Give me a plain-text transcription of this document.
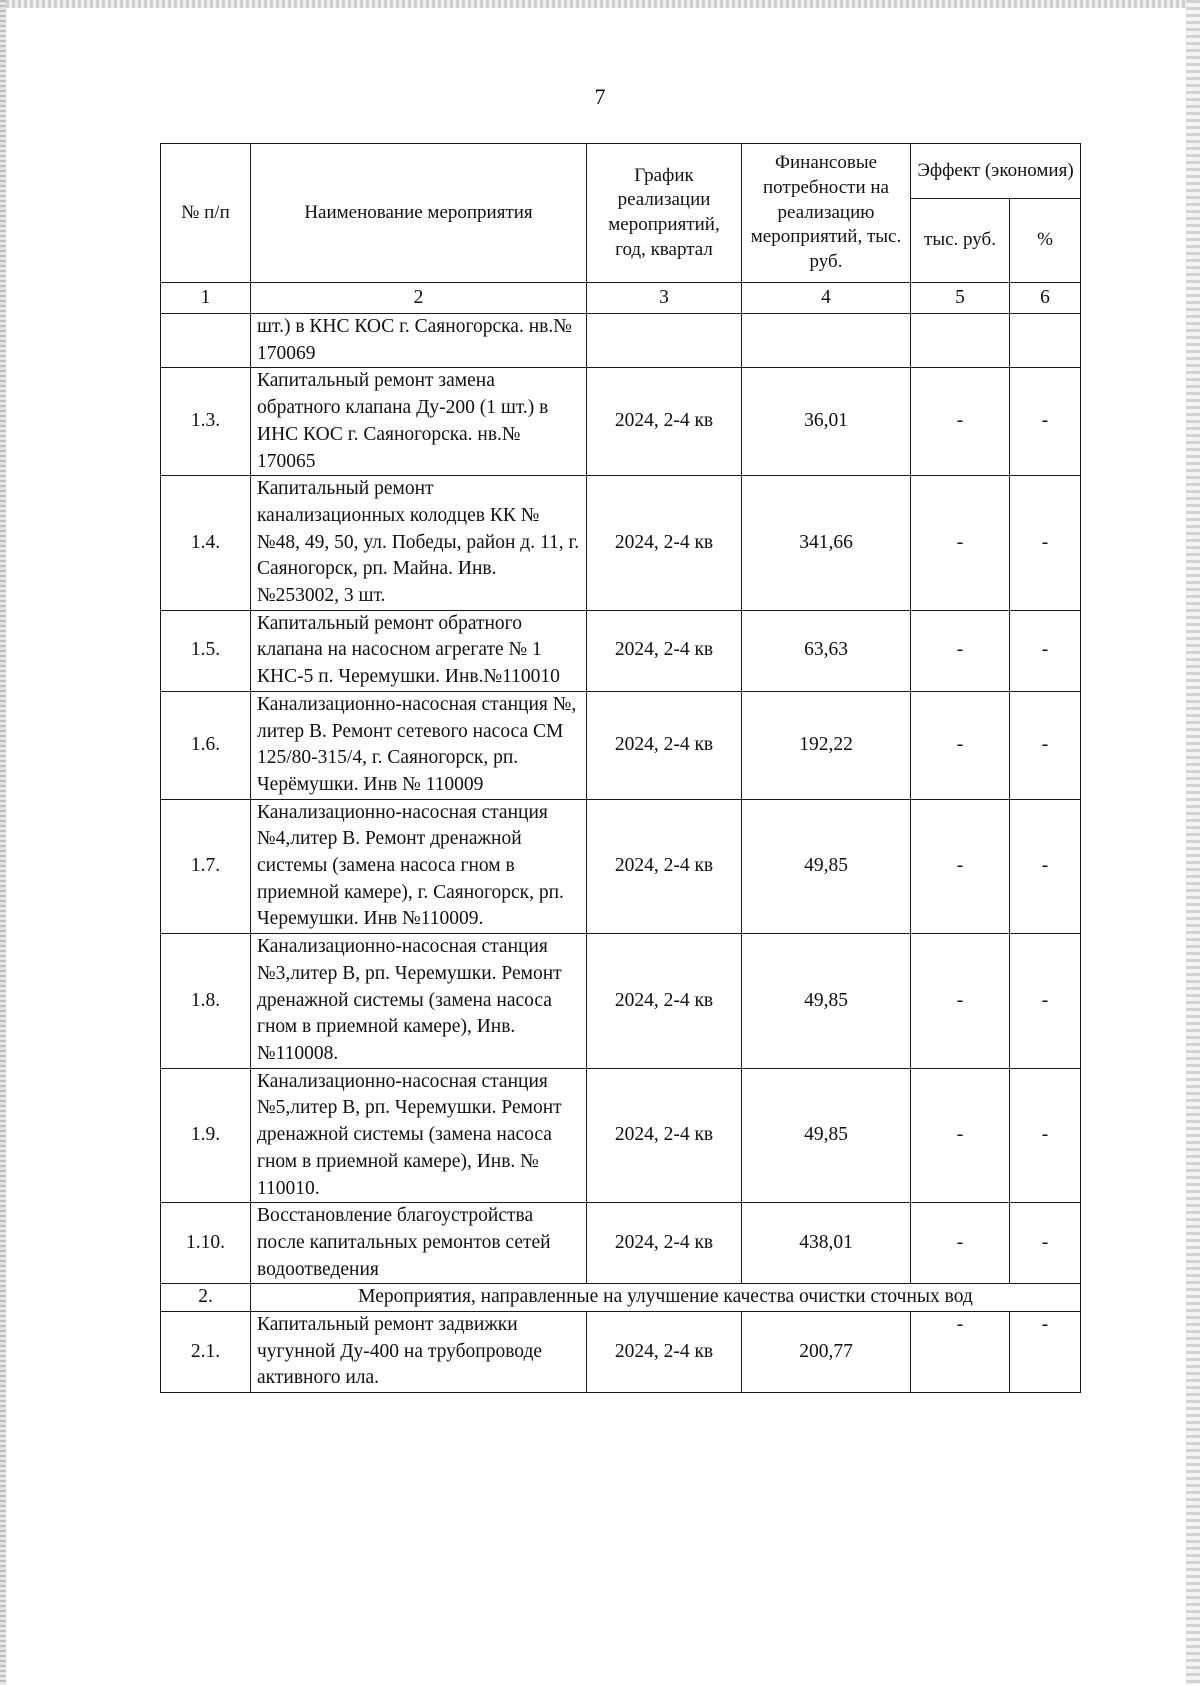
7
№ п/п	Наименование мероприятия	График реализации мероприятий, год, квартал	Финансовые потребности на реализацию мероприятий, тыс. руб.	Эффект (экономия)	
				тыс. руб.	%
1	2	3	4	5	6
	шт.) в КНС КОС г. Саяногорска. нв.№ 170069				
1.3.	Капитальный ремонт замена обратного клапана Ду-200 (1 шт.) в ИНС КОС г. Саяногорска. нв.№ 170065	2024, 2-4 кв	36,01	-	-
1.4.	Капитальный ремонт канализационных колодцев КК №№48, 49, 50, ул. Победы, район д. 11, г. Саяногорск, рп. Майна. Инв. №253002, 3 шт.	2024, 2-4 кв	341,66	-	-
1.5.	Капитальный ремонт обратного клапана на насосном агрегате № 1 КНС-5 п. Черемушки. Инв.№110010	2024, 2-4 кв	63,63	-	-
1.6.	Канализационно-насосная станция №, литер В. Ремонт сетевого насоса СМ 125/80-315/4, г. Саяногорск, рп. Черёмушки. Инв № 110009	2024, 2-4 кв	192,22	-	-
1.7.	Канализационно-насосная станция №4,литер В. Ремонт дренажной системы (замена насоса гном в приемной камере), г. Саяногорск, рп. Черемушки. Инв №110009.	2024, 2-4 кв	49,85	-	-
1.8.	Канализационно-насосная станция №3,литер В, рп. Черемушки. Ремонт дренажной системы (замена насоса гном в приемной камере), Инв. №110008.	2024, 2-4 кв	49,85	-	-
1.9.	Канализационно-насосная станция №5,литер В, рп. Черемушки. Ремонт дренажной системы (замена насоса гном в приемной камере), Инв. № 110010.	2024, 2-4 кв	49,85	-	-
1.10.	Восстановление благоустройства после капитальных ремонтов сетей водоотведения	2024, 2-4 кв	438,01	-	-
2.	Мероприятия, направленные на улучшение качества очистки сточных вод				
2.1.	Капитальный ремонт задвижки чугунной Ду-400 на трубопроводе активного ила.	2024, 2-4 кв	200,77	-	-
